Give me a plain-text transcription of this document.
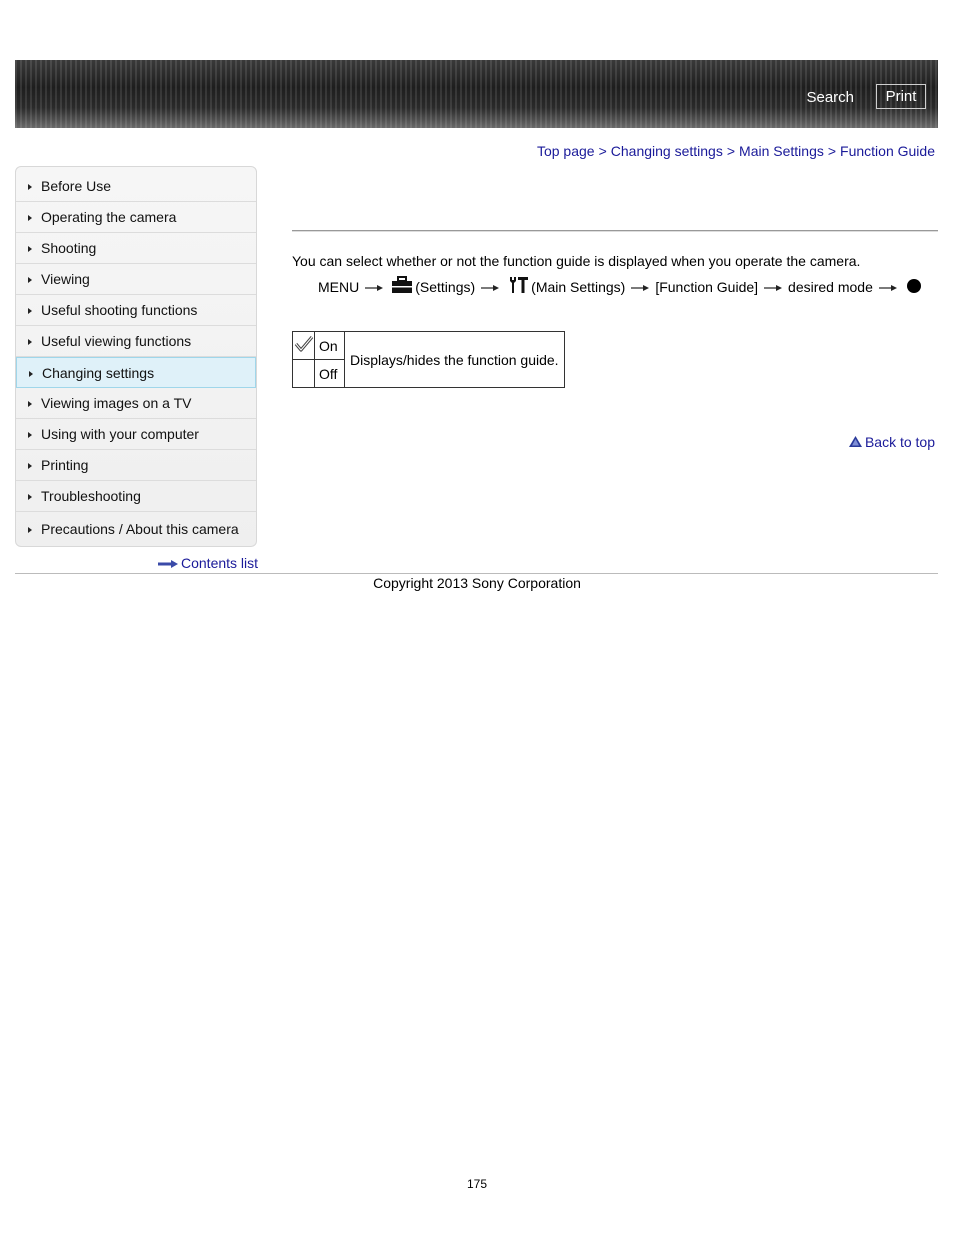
Search	Print
Top page > Changing settings > Main Settings > Function Guide
Before Use
Operating the camera
Shooting
Viewing
Useful shooting functions
Useful viewing functions
Changing settings
Viewing images on a TV
Using with your computer
Printing
Troubleshooting
Precautions / About this camera
Contents list
You can select whether or not the function guide is displayed when you operate the camera.
MENU	(Settings)	(Main Settings) [Function Guide] desired mode
	On	Displays/hides the function guide.
	Off	
Back to top
Copyright 2013 Sony Corporation
175
